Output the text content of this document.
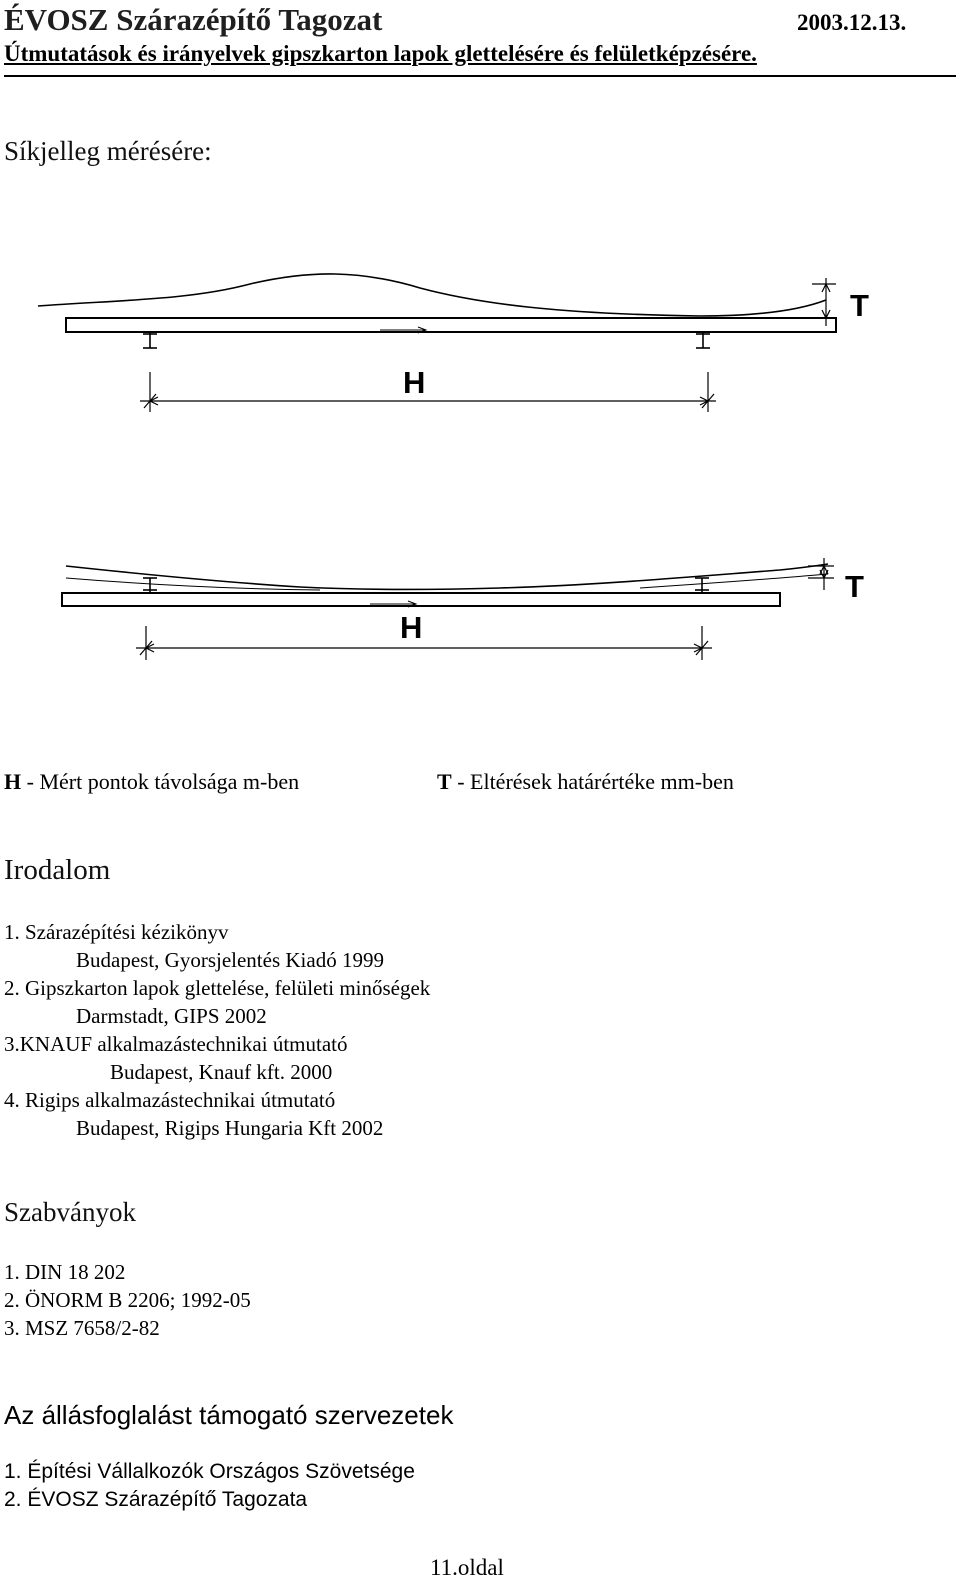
ÉVOSZ Szárazépítő Tagozat	2003.12.13.
Útmutatások és irányelvek gipszkarton lapok glettelésére és felületképzésére.
Síkjelleg mérésére:
T
H
T
H
H - Mért pontok távolsága m-ben	T - Eltérések határértéke mm-ben
Irodalom
1. Szárazépítési kézikönyv
Budapest, Gyorsjelentés Kiadó 1999
2. Gipszkarton lapok glettelése, felületi minőségek
Darmstadt, GIPS 2002
3.KNAUF alkalmazástechnikai útmutató
Budapest, Knauf kft. 2000
4. Rigips alkalmazástechnikai útmutató
Budapest, Rigips Hungaria Kft 2002
Szabványok
1. DIN 18 202
2. ÖNORM B 2206; 1992-05
3. MSZ 7658/2-82
Az állásfoglalást támogató szervezetek
1. Építési Vállalkozók Országos Szövetsége
2. ÉVOSZ Szárazépítő Tagozata
11.oldal
